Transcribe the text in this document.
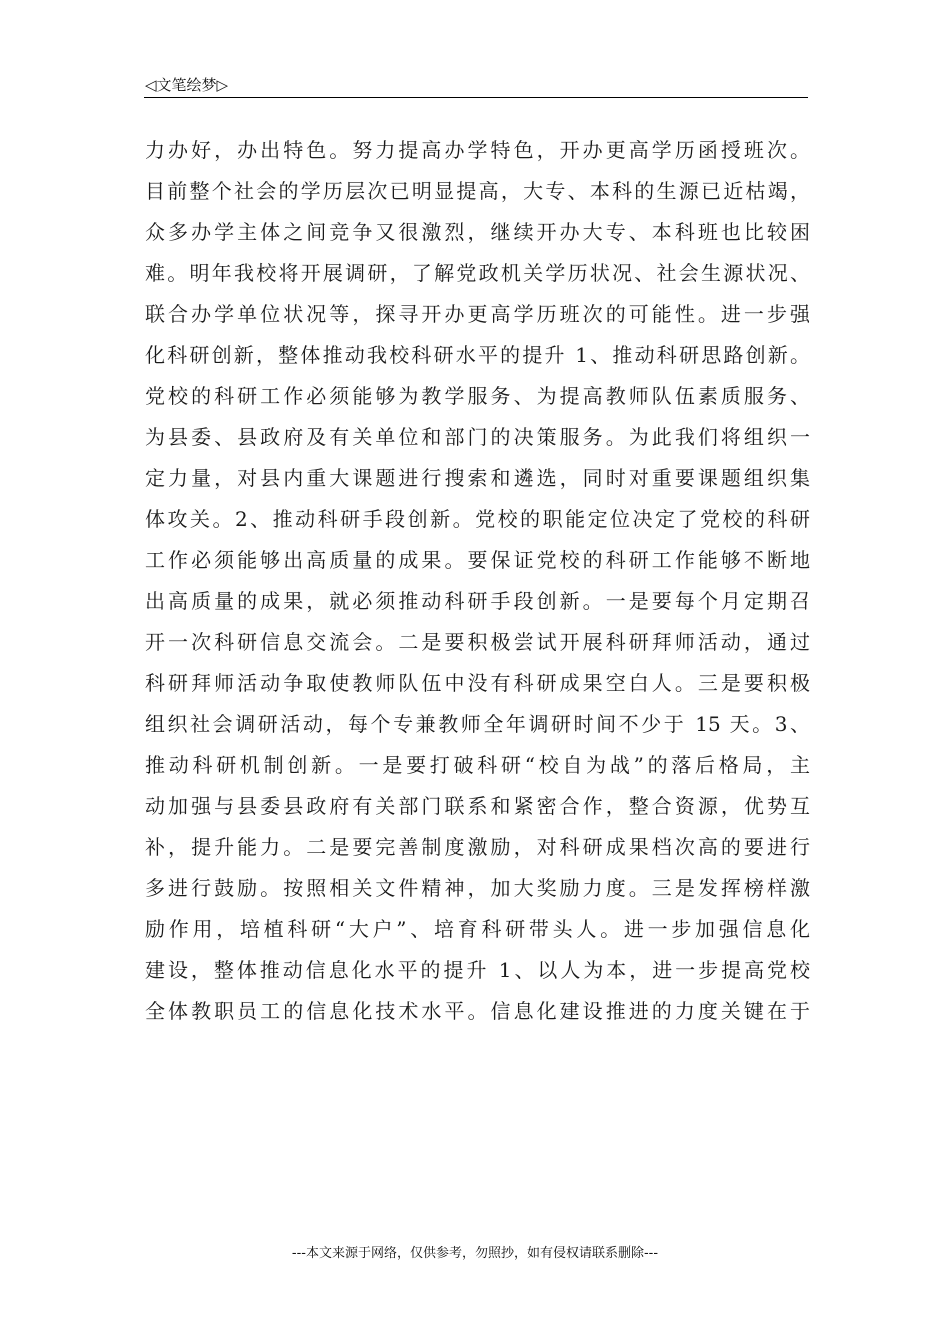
◁文笔绘梦▷
力办好，办出特色。努力提高办学特色，开办更高学历函授班次。
目前整个社会的学历层次已明显提高，大专、本科的生源已近枯竭，
众多办学主体之间竞争又很激烈，继续开办大专、本科班也比较困
难。明年我校将开展调研，了解党政机关学历状况、社会生源状况、
联合办学单位状况等，探寻开办更高学历班次的可能性。进一步强
化科研创新，整体推动我校科研水平的提升 1、推动科研思路创新。
党校的科研工作必须能够为教学服务、为提高教师队伍素质服务、
为县委、县政府及有关单位和部门的决策服务。为此我们将组织一
定力量，对县内重大课题进行搜索和遴选，同时对重要课题组织集
体攻关。2、推动科研手段创新。党校的职能定位决定了党校的科研
工作必须能够出高质量的成果。要保证党校的科研工作能够不断地
出高质量的成果，就必须推动科研手段创新。一是要每个月定期召
开一次科研信息交流会。二是要积极尝试开展科研拜师活动，通过
科研拜师活动争取使教师队伍中没有科研成果空白人。三是要积极
组织社会调研活动，每个专兼教师全年调研时间不少于 15 天。3、
推动科研机制创新。一是要打破科研“校自为战”的落后格局，主
动加强与县委县政府有关部门联系和紧密合作，整合资源，优势互
补，提升能力。二是要完善制度激励，对科研成果档次高的要进行
多进行鼓励。按照相关文件精神，加大奖励力度。三是发挥榜样激
励作用，培植科研“大户”、培育科研带头人。进一步加强信息化
建设，整体推动信息化水平的提升 1、以人为本，进一步提高党校
全体教职员工的信息化技术水平。信息化建设推进的力度关键在于
---本文来源于网络，仅供参考，勿照抄，如有侵权请联系删除---
